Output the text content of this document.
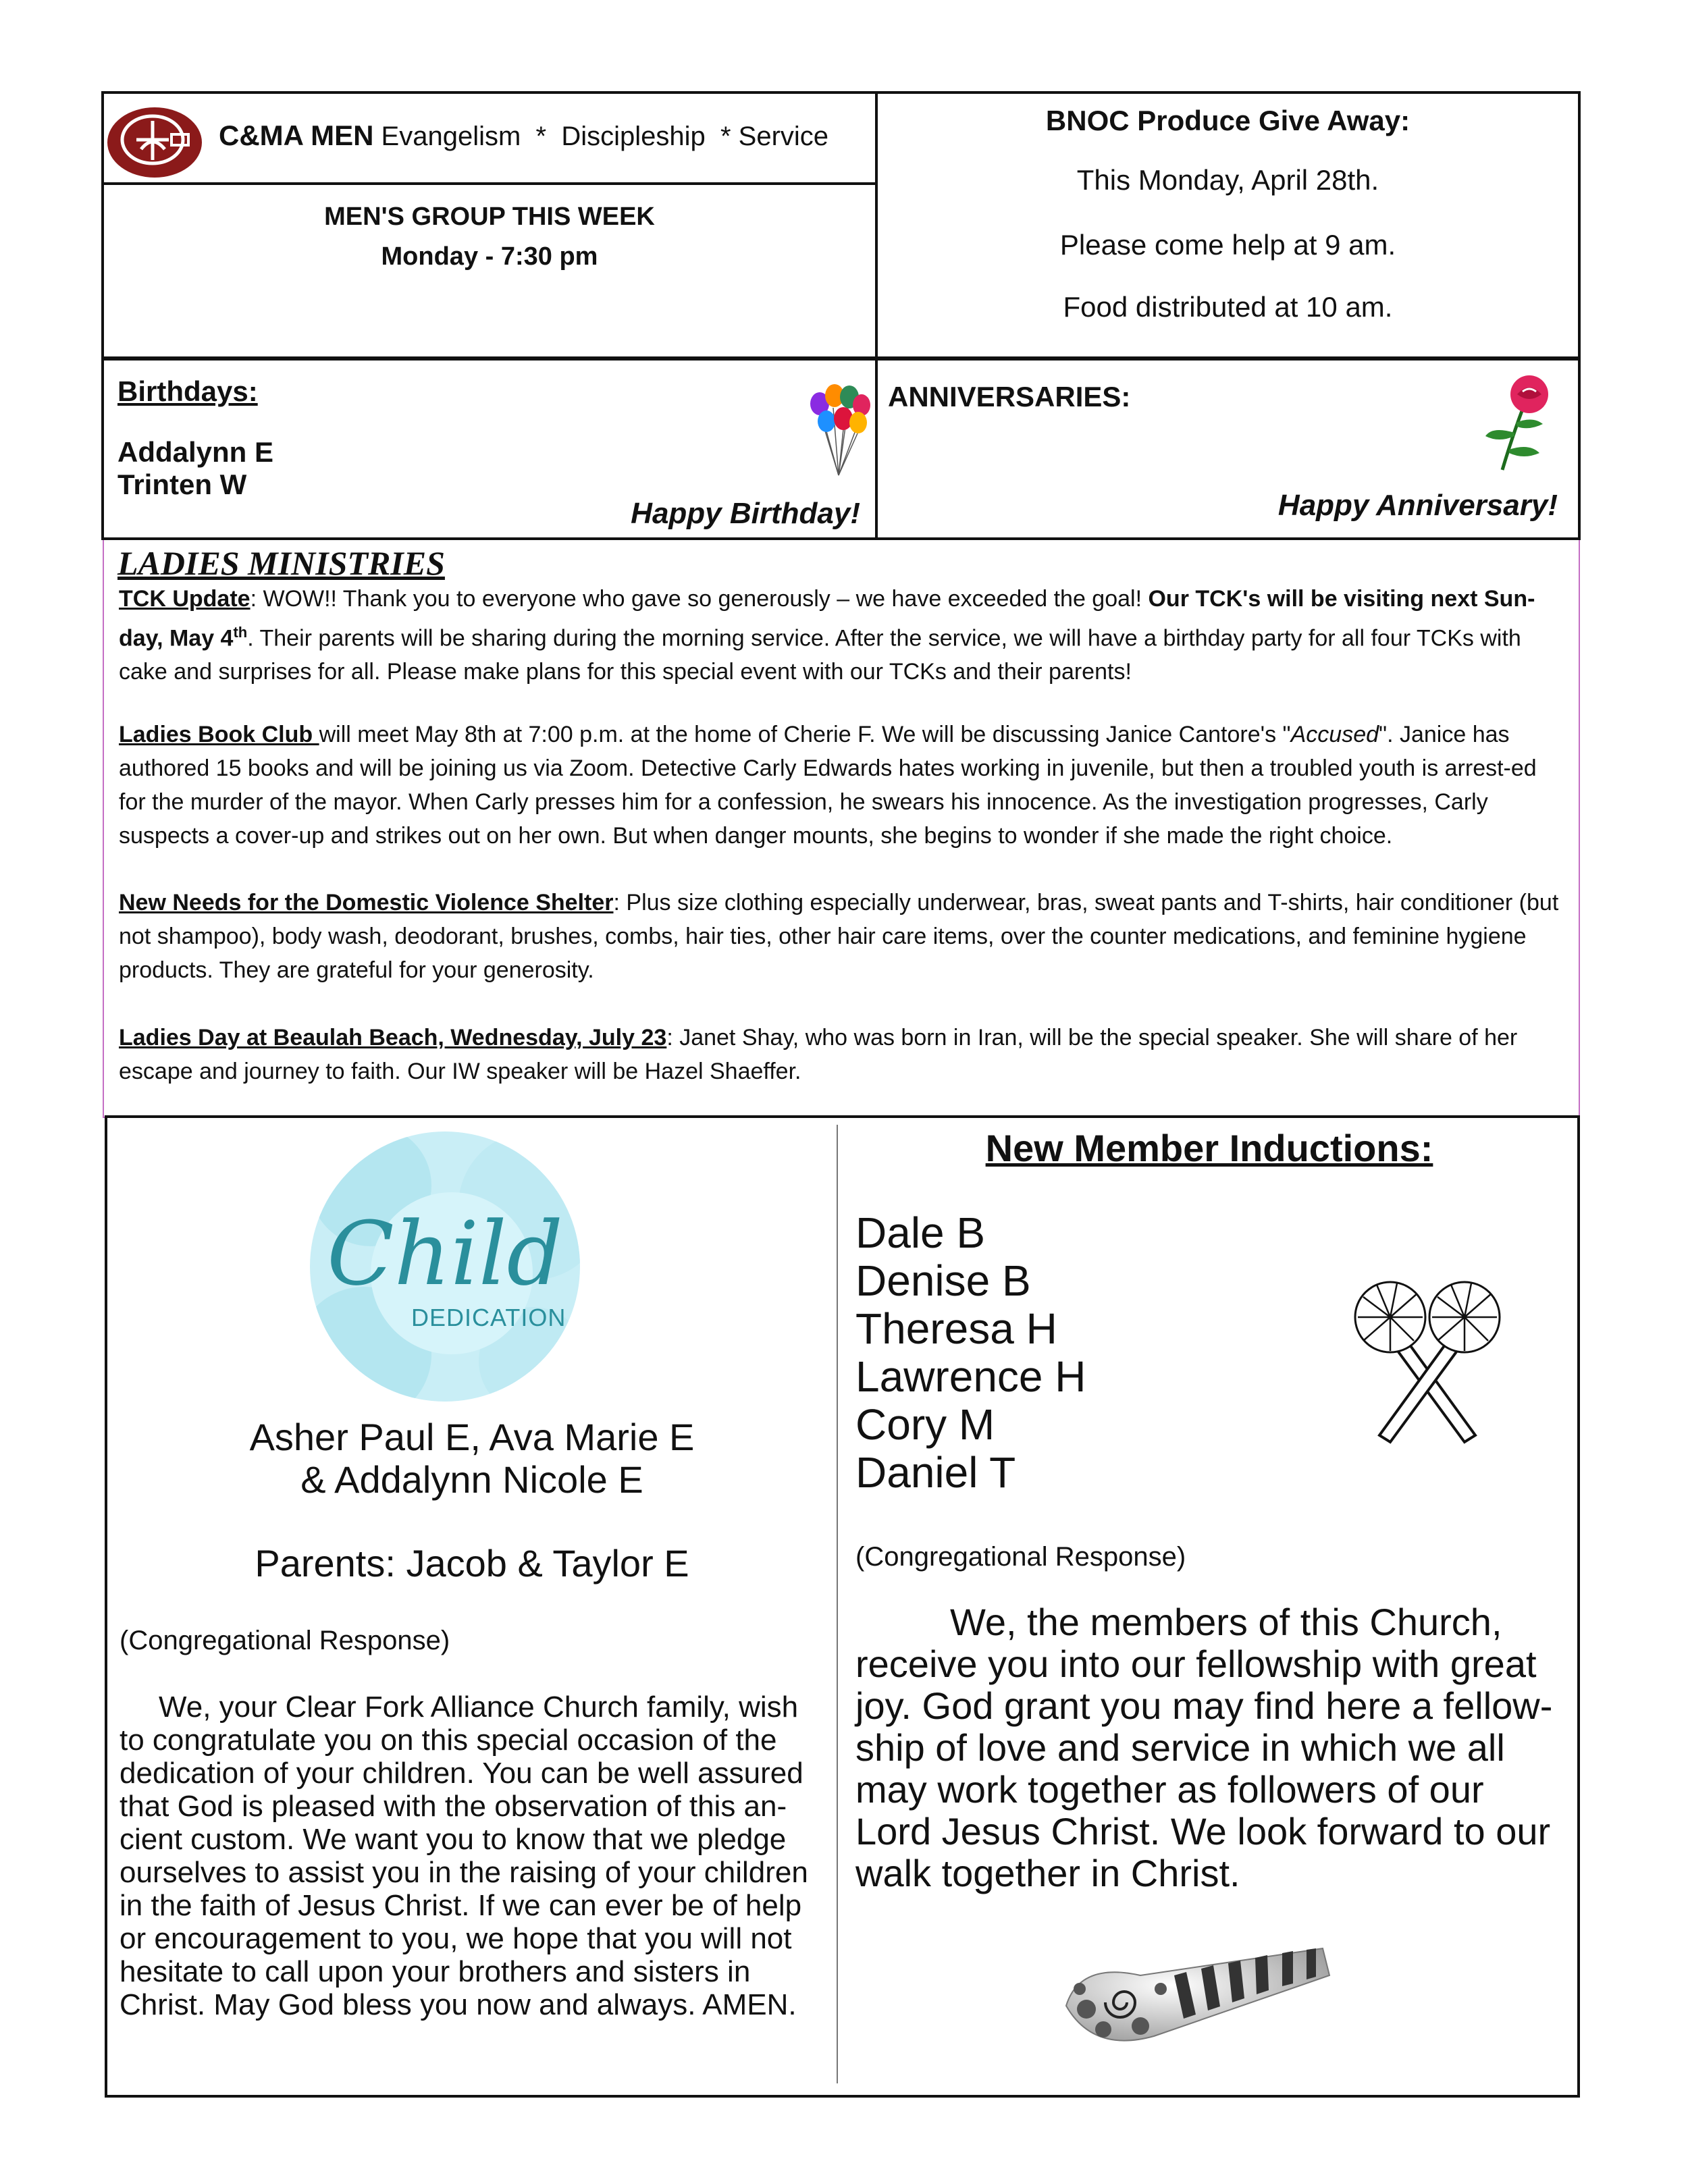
C&MA MEN Evangelism  *  Discipleship  * Service
MEN'S GROUP THIS WEEK
Monday - 7:30 pm
BNOC Produce Give Away:
This Monday, April 28th.
Please come help at 9 am.
Food distributed at 10 am.
Birthdays:
Addalynn E
Trinten W
Happy Birthday!
ANNIVERSARIES:
Happy Anniversary!
LADIES MINISTRIES
TCK Update: WOW!! Thank you to everyone who gave so generously – we have exceeded the goal! Our TCK's will be visiting next Sun-day, May 4th. Their parents will be sharing during the morning service. After the service, we will have a birthday party for all four TCKs with cake and surprises for all. Please make plans for this special event with our TCKs and their parents!
Ladies Book Club will meet May 8th at 7:00 p.m. at the home of Cherie F. We will be discussing Janice Cantore's "Accused". Janice has authored 15 books and will be joining us via Zoom. Detective Carly Edwards hates working in juvenile, but then a troubled youth is arrest-ed for the murder of the mayor. When Carly presses him for a confession, he swears his innocence. As the investigation progresses, Carly suspects a cover-up and strikes out on her own. But when danger mounts, she begins to wonder if she made the right choice.
New Needs for the Domestic Violence Shelter: Plus size clothing especially underwear, bras, sweat pants and T-shirts, hair conditioner (but not shampoo), body wash, deodorant, brushes, combs, hair ties, other hair care items, over the counter medications, and feminine hygiene products. They are grateful for your generosity.
Ladies Day at Beaulah Beach, Wednesday, July 23: Janet Shay, who was born in Iran, will be the special speaker. She will share of her escape and journey to faith. Our IW speaker will be Hazel Shaeffer.
Child
DEDICATION
Asher Paul E, Ava Marie E
& Addalynn Nicole E
Parents: Jacob & Taylor E
(Congregational Response)
We, your Clear Fork Alliance Church family, wish
to congratulate you on this special occasion of the
dedication of your children. You can be well assured
that God is pleased with the observation of this an-
cient custom. We want you to know that we pledge
ourselves to assist you in the raising of your children
in the faith of Jesus Christ. If we can ever be of help
or encouragement to you, we hope that you will not
hesitate to call upon your brothers and sisters in
Christ. May God bless you now and always. AMEN.
New Member Inductions:
Dale B
Denise B
Theresa H
Lawrence H
Cory M
Daniel T
(Congregational Response)
We, the members of this Church,
receive you into our fellowship with great
joy. God grant you may find here a fellow-
ship of love and service in which we all
may work together as followers of our
Lord Jesus Christ. We look forward to our
walk together in Christ.
